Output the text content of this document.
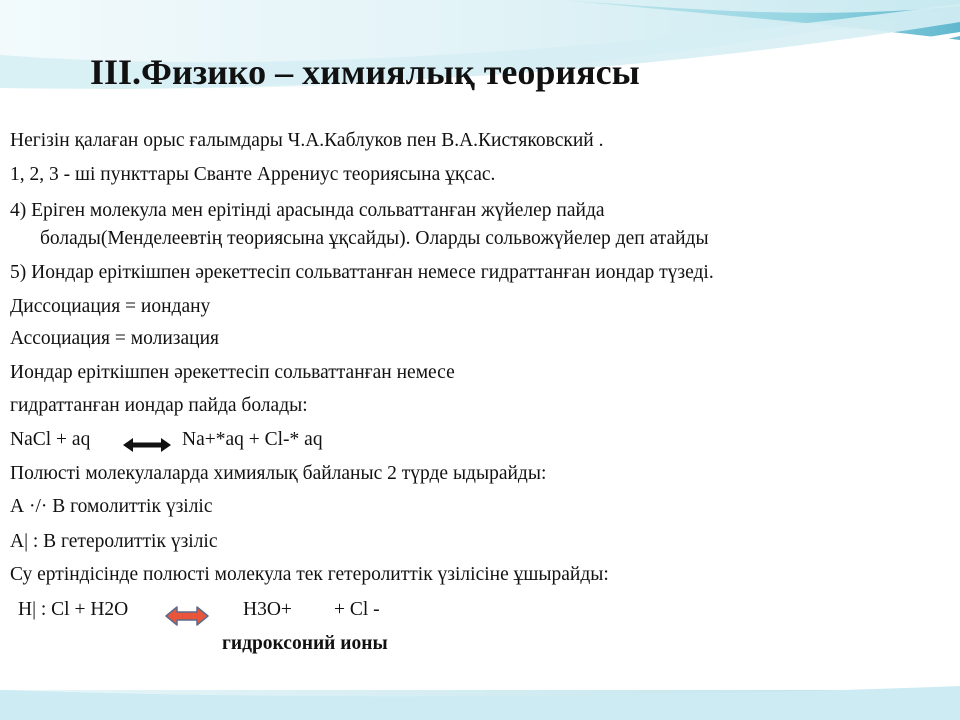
III.Физико – химиялық теориясы

Негізін қалаған орыс ғалымдары Ч.А.Каблуков пен В.А.Кистяковский .

1, 2, 3 - ші пункттары Сванте Аррениус теориясына ұқсас.

4) Еріген молекула мен ерітінді арасында сольваттанған жүйелер пайда

болады(Менделеевтің теориясына ұқсайды). Оларды сольвожүйелер деп атайды

5) Иондар еріткішпен әрекеттесіп сольваттанған немесе гидраттанған иондар түзеді.

Диссоциация = иондану

Ассоциация = молизация

Иондар еріткішпен әрекеттесіп сольваттанған немесе

гидраттанған иондар пайда болады:

NaCl + aq	Na+*aq + Cl-* aq

Полюсті молекулаларда химиялық байланыс 2 түрде ыдырайды:

А ·/· В гомолиттік үзіліс

А| : В гетеролиттік үзіліс

Су ертіндісінде полюсті молекула тек гетеролиттік үзілісіне ұшырайды:

H| : Cl + H2O	H3O+ + Cl -

гидроксоний ионы
